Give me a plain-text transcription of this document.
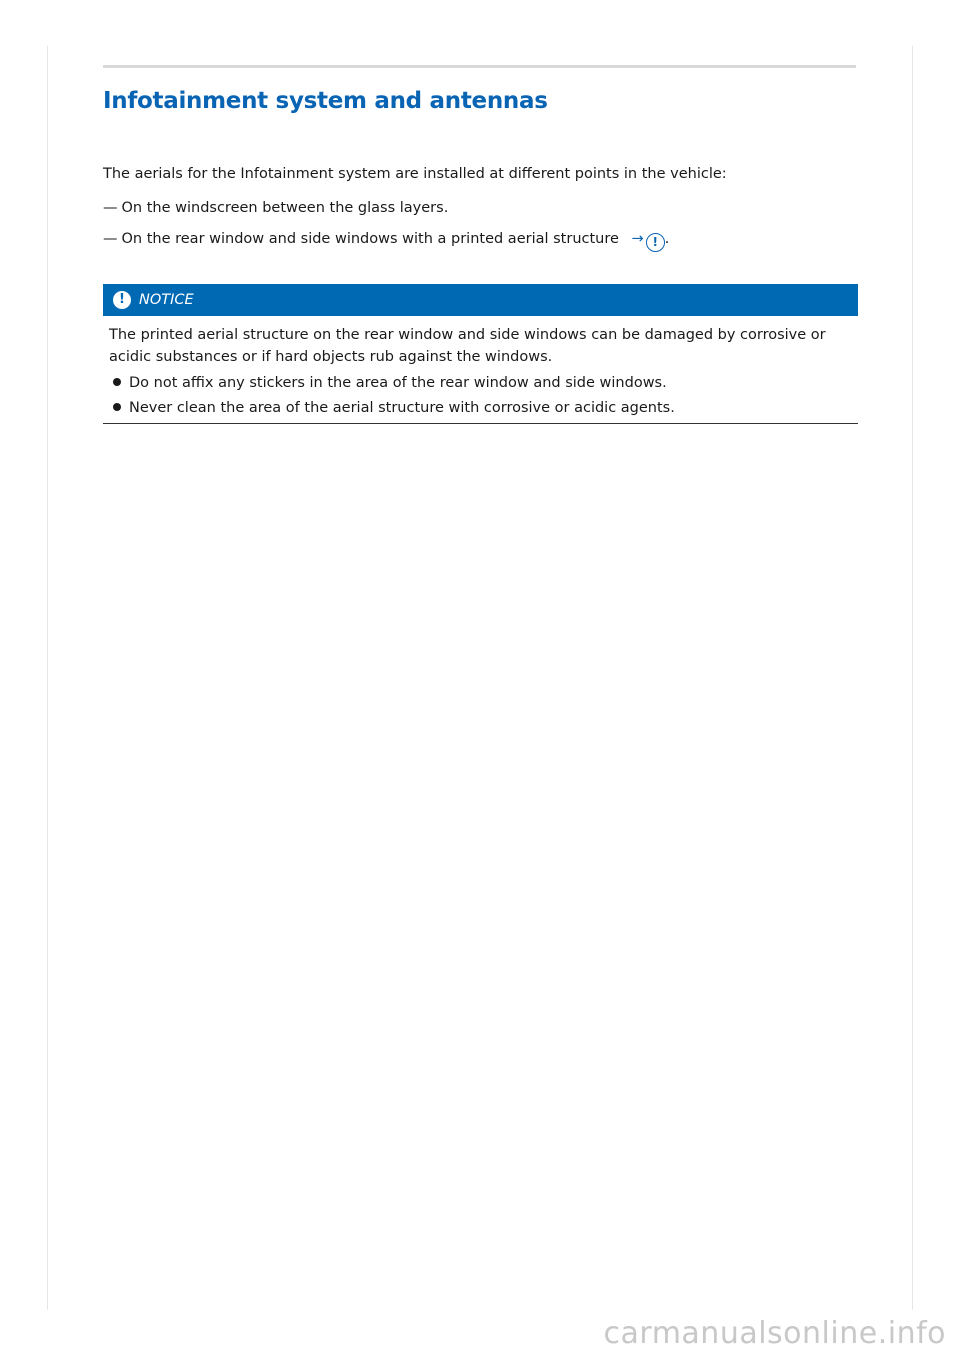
Infotainment system and antennas
The aerials for the Infotainment system are installed at different points in the vehicle:
— On the windscreen between the glass layers.
— On the rear window and side windows with a printed aerial structure → ! .
! NOTICE

The printed aerial structure on the rear window and side windows can be damaged by corrosive or acidic substances or if hard objects rub against the windows.

Do not affix any stickers in the area of the rear window and side windows.
Never clean the area of the aerial structure with corrosive or acidic agents.
carmanualsonline.info
